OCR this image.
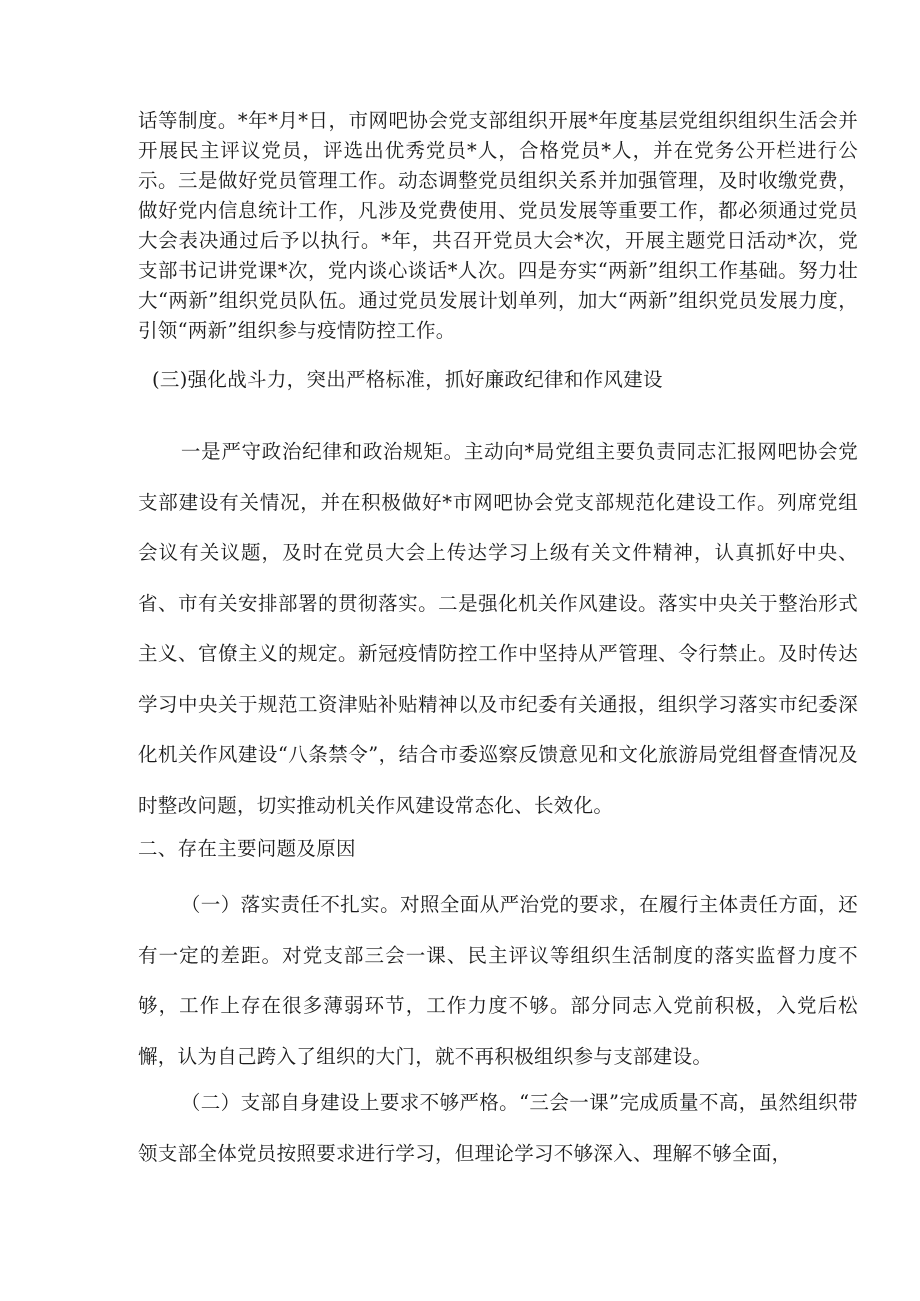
话等制度。*年*月*日，市网吧协会党支部组织开展*年度基层党组织组织生活会并开展民主评议党员，评选出优秀党员*人，合格党员*人，并在党务公开栏进行公示。三是做好党员管理工作。动态调整党员组织关系并加强管理，及时收缴党费，做好党内信息统计工作，凡涉及党费使用、党员发展等重要工作，都必须通过党员大会表决通过后予以执行。*年，共召开党员大会*次，开展主题党日活动*次，党支部书记讲党课*次，党内谈心谈话*人次。四是夯实“两新”组织工作基础。努力壮大“两新”组织党员队伍。通过党员发展计划单列，加大“两新”组织党员发展力度，引领“两新”组织参与疫情防控工作。

(三)强化战斗力，突出严格标准，抓好廉政纪律和作风建设

一是严守政治纪律和政治规矩。主动向*局党组主要负责同志汇报网吧协会党支部建设有关情况，并在积极做好*市网吧协会党支部规范化建设工作。列席党组会议有关议题，及时在党员大会上传达学习上级有关文件精神，认真抓好中央、省、市有关安排部署的贯彻落实。二是强化机关作风建设。落实中央关于整治形式主义、官僚主义的规定。新冠疫情防控工作中坚持从严管理、令行禁止。及时传达学习中央关于规范工资津贴补贴精神以及市纪委有关通报，组织学习落实市纪委深化机关作风建设“八条禁令”，结合市委巡察反馈意见和文化旅游局党组督查情况及时整改问题，切实推动机关作风建设常态化、长效化。

二、存在主要问题及原因

（一）落实责任不扎实。对照全面从严治党的要求，在履行主体责任方面，还有一定的差距。对党支部三会一课、民主评议等组织生活制度的落实监督力度不够，工作上存在很多薄弱环节，工作力度不够。部分同志入党前积极，入党后松懈，认为自己跨入了组织的大门，就不再积极组织参与支部建设。

（二）支部自身建设上要求不够严格。“三会一课”完成质量不高，虽然组织带领支部全体党员按照要求进行学习，但理论学习不够深入、理解不够全面，
